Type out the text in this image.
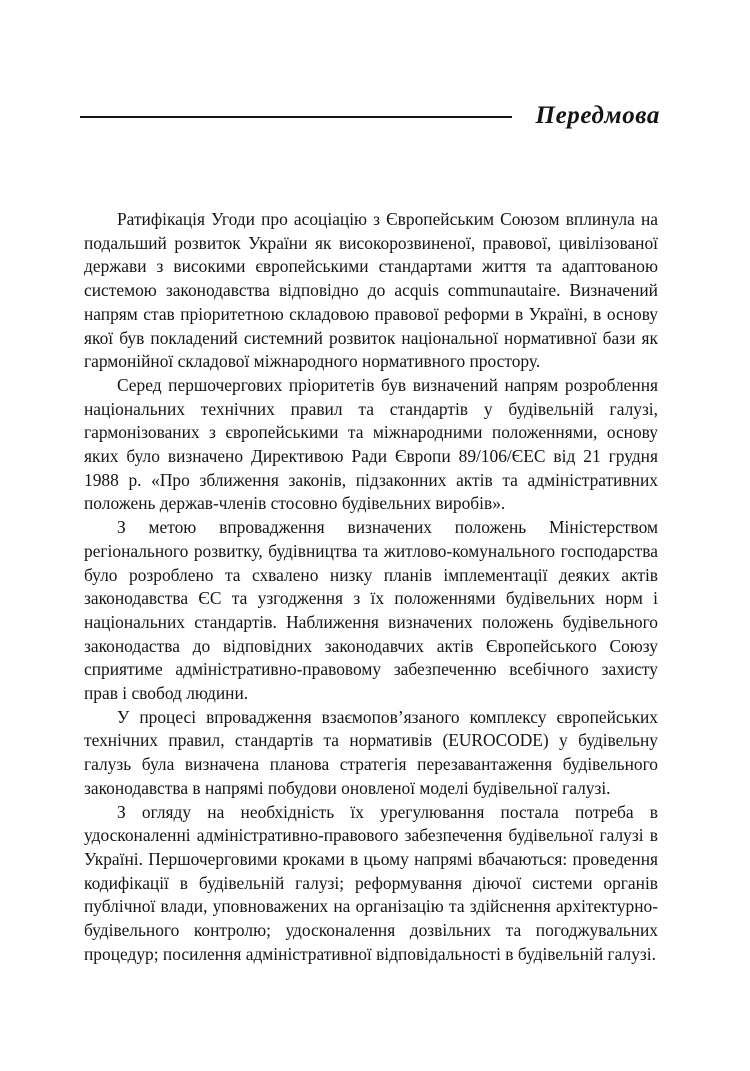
Передмова

Ратифікація Угоди про асоціацію з Європейським Союзом вплинула на подальший розвиток України як високорозвиненої, правової, цивілізованої держави з високими європейськими стандартами життя та адаптованою системою законодавства відповідно до acquis communautaire. Визначений напрям став пріоритетною складовою правової реформи в Україні, в основу якої був покладений системний розвиток національної нормативної бази як гармонійної складової міжнародного нормативного простору.

Серед першочергових пріоритетів був визначений напрям розроблення національних технічних правил та стандартів у будівельній галузі, гармонізованих з європейськими та міжнародними положеннями, основу яких було визначено Директивою Ради Європи 89/106/ЄЕС від 21 грудня 1988 р. «Про зближення законів, підзаконних актів та адміністративних положень держав-членів стосовно будівельних виробів».

З метою впровадження визначених положень Міністерством регіонального розвитку, будівництва та житлово-комунального господарства було розроблено та схвалено низку планів імплементації деяких актів законодавства ЄС та узгодження з їх положеннями будівельних норм і національних стандартів. Наближення визначених положень будівельного законодаства до відповідних законодавчих актів Європейського Союзу сприятиме адміністративно-правовому забезпеченню всебічного захисту прав і свобод людини.

У процесі впровадження взаємопов’язаного комплексу європейських технічних правил, стандартів та нормативів (EUROCODE) у будівельну галузь була визначена планова стратегія перезавантаження будівельного законодавства в напрямі побудови оновленої моделі будівельної галузі.

З огляду на необхідність їх урегулювання постала потреба в удосконаленні адміністративно-правового забезпечення будівельної галузі в Україні. Першочерговими кроками в цьому напрямі вбачаються: проведення кодифікації в будівельній галузі; реформування діючої системи органів публічної влади, уповноважених на організацію та здійснення архітектурно- будівельного контролю; удосконалення дозвільних та погоджувальних процедур; посилення адміністративної відповідальності в будівельній галузі.
